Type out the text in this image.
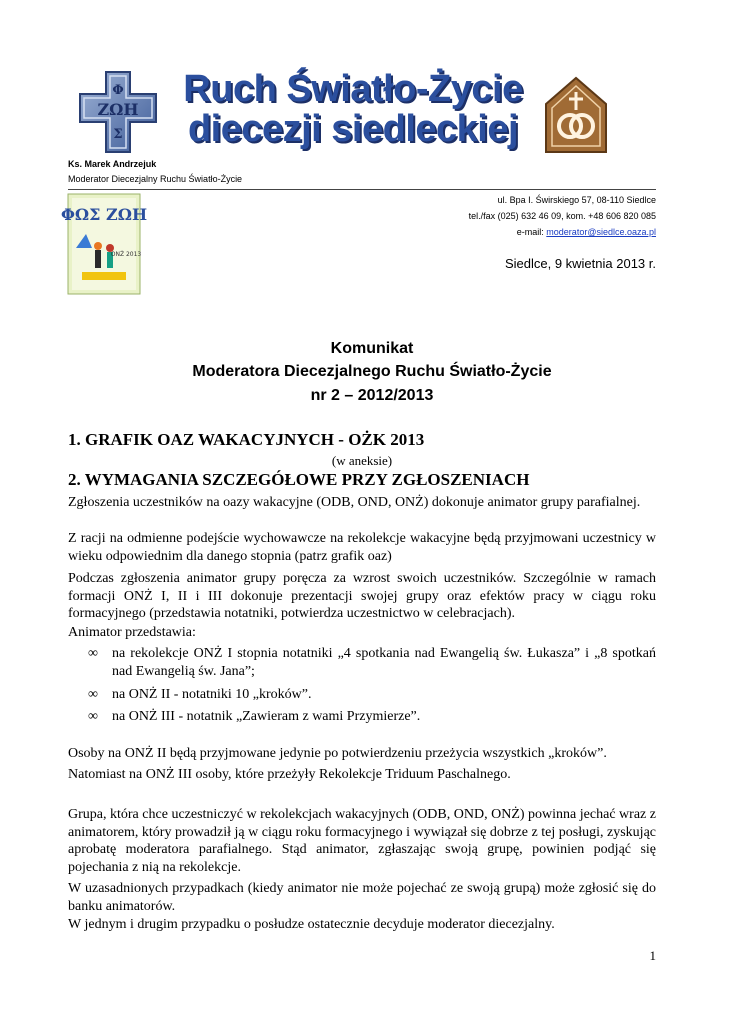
ΖΩΗ
Φ
Σ
Ruch Światło-Życie
diecezji siedleckiej
Ks. Marek Andrzejuk
Moderator Diecezjalny Ruchu Światło-Życie
ΦΩΣ ΖΩΗ
ONŻ 2013
ul. Bpa I. Świrskiego 57, 08-110 Siedlce
tel./fax (025) 632 46 09, kom. +48 606 820 085
e-mail: moderator@siedlce.oaza.pl
Siedlce, 9 kwietnia 2013 r.
Komunikat
Moderatora Diecezjalnego Ruchu Światło-Życie
nr 2 – 2012/2013
1. GRAFIK OAZ WAKACYJNYCH - OŻK 2013
(w aneksie)
2. WYMAGANIA SZCZEGÓŁOWE PRZY ZGŁOSZENIACH
Zgłoszenia uczestników na oazy wakacyjne (ODB, OND, ONŻ) dokonuje animator grupy parafialnej.
Z racji na odmienne podejście wychowawcze na rekolekcje wakacyjne będą przyjmowani uczestnicy w wieku odpowiednim dla danego stopnia (patrz grafik oaz)
Podczas zgłoszenia animator grupy poręcza za wzrost swoich uczestników. Szczególnie w ramach formacji ONŻ I, II i III dokonuje prezentacji swojej grupy oraz efektów pracy w ciągu roku formacyjnego (przedstawia notatniki, potwierdza uczestnictwo w celebracjach).
Animator przedstawia:
∞ na rekolekcje ONŻ I stopnia notatniki „4 spotkania nad Ewangelią św. Łukasza” i „8 spotkań nad Ewangelią św. Jana”;
∞ na ONŻ II - notatniki 10 „kroków”.
∞ na ONŻ III - notatnik „Zawieram z wami Przymierze”.
Osoby na ONŻ II będą przyjmowane jedynie po potwierdzeniu przeżycia wszystkich „kroków”.
Natomiast na ONŻ III osoby, które przeżyły Rekolekcje Triduum Paschalnego.
Grupa, która chce uczestniczyć w rekolekcjach wakacyjnych (ODB, OND, ONŻ) powinna jechać wraz z animatorem, który prowadził ją w ciągu roku formacyjnego i wywiązał się dobrze z tej posługi, zyskując aprobatę moderatora parafialnego. Stąd animator, zgłaszając swoją grupę, powinien podjąć się pojechania z nią na rekolekcje.
W uzasadnionych przypadkach (kiedy animator nie może pojechać ze swoją grupą) może zgłosić się do banku animatorów.
W jednym i drugim przypadku o posłudze ostatecznie decyduje moderator diecezjalny.
1
